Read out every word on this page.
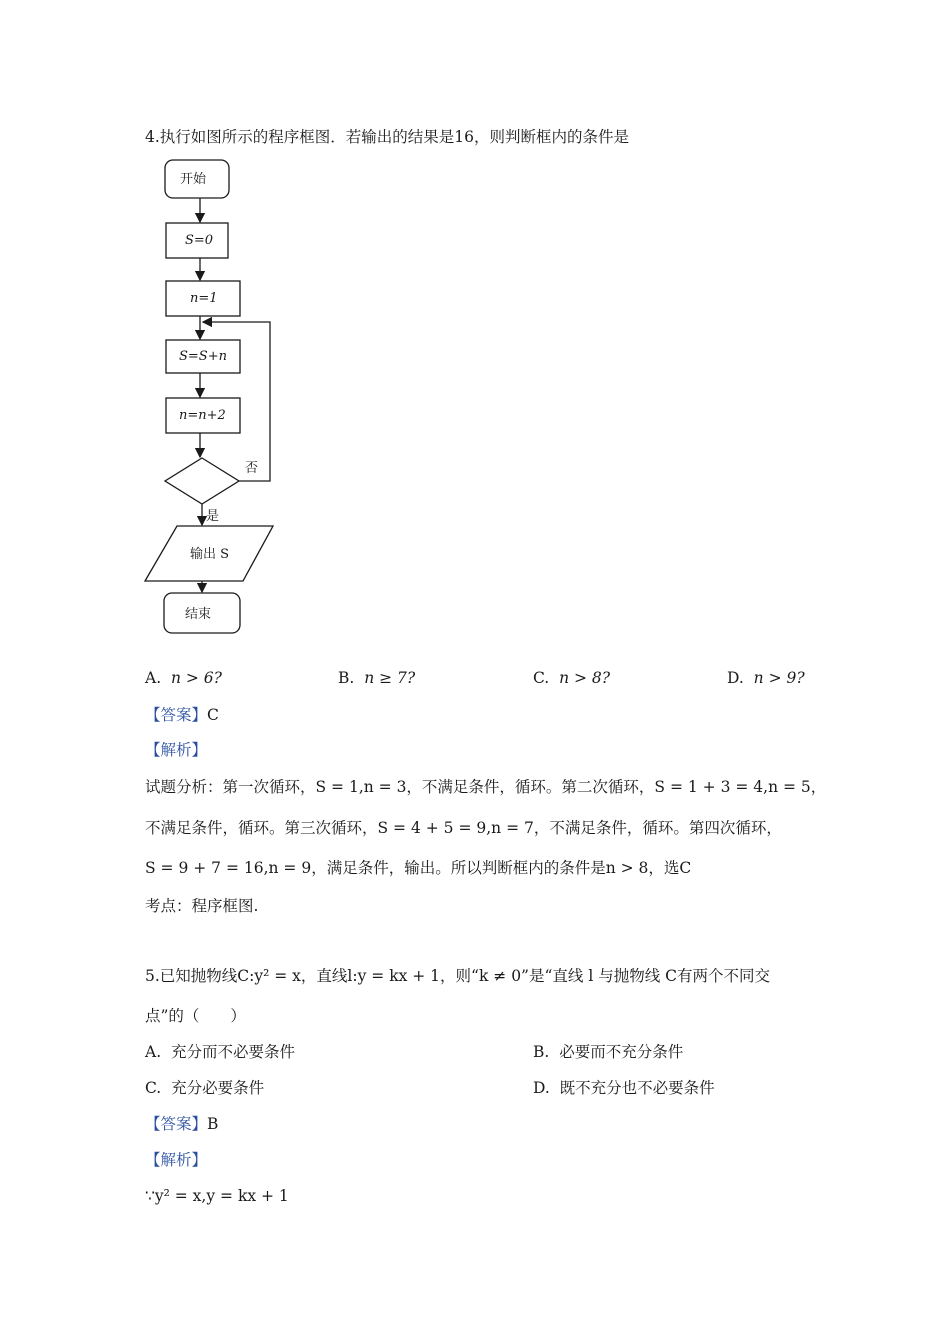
4.执行如图所示的程序框图．若输出的结果是16，则判断框内的条件是
开始
S=0
n=1
S=S+n
n=n+2
否
是
输出 S
结束
A. n > 6?	B. n ≥ 7?	C. n > 8?	D. n > 9?
【答案】C
【解析】
试题分析：第一次循环，S = 1,n = 3，不满足条件，循环。第二次循环，S = 1 + 3 = 4,n = 5，
不满足条件，循环。第三次循环，S = 4 + 5 = 9,n = 7，不满足条件，循环。第四次循环，
S = 9 + 7 = 16,n = 9，满足条件，输出。所以判断框内的条件是n > 8，选C
考点：程序框图.
5.已知抛物线C:y² = x，直线l:y = kx + 1，则“k ≠ 0”是“直线 l 与抛物线 C有两个不同交
点”的（　　）
A. 充分而不必要条件	B. 必要而不充分条件
C. 充分必要条件	D. 既不充分也不必要条件
【答案】B
【解析】
∵y² = x,y = kx + 1
